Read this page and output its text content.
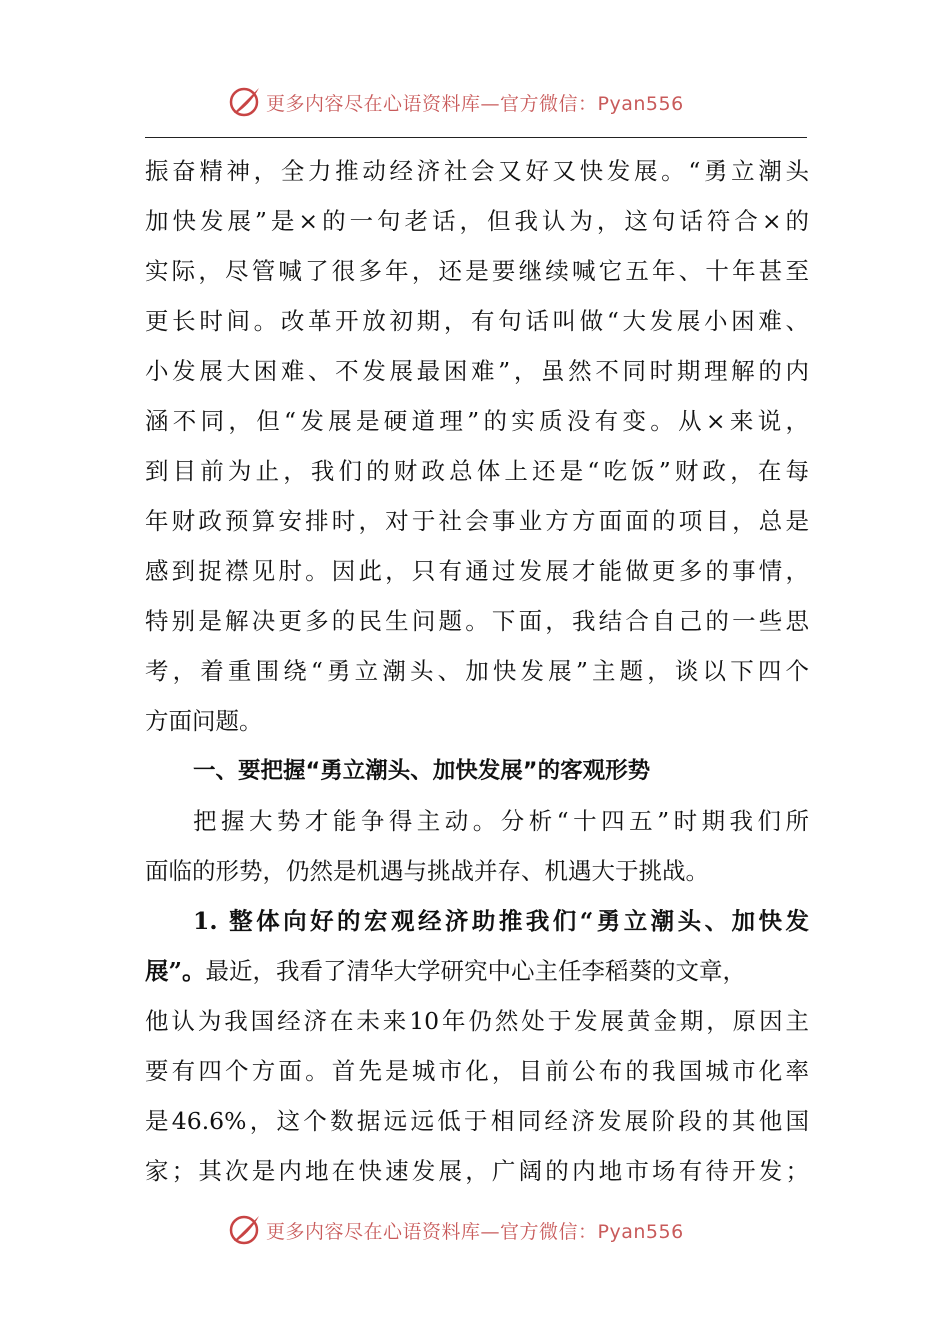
更多内容尽在心语资料库—官方微信：Pyan556
振奋精神，全力推动经济社会又好又快发展。“勇立潮头
加快发展”是×的一句老话，但我认为，这句话符合×的
实际，尽管喊了很多年，还是要继续喊它五年、十年甚至
更长时间。改革开放初期，有句话叫做“大发展小困难、
小发展大困难、不发展最困难”，虽然不同时期理解的内
涵不同，但“发展是硬道理”的实质没有变。从×来说，
到目前为止，我们的财政总体上还是“吃饭”财政，在每
年财政预算安排时，对于社会事业方方面面的项目，总是
感到捉襟见肘。因此，只有通过发展才能做更多的事情，
特别是解决更多的民生问题。下面，我结合自己的一些思
考，着重围绕“勇立潮头、加快发展”主题，谈以下四个
方面问题。
一、要把握“勇立潮头、加快发展”的客观形势
把握大势才能争得主动。分析“十四五”时期我们所
面临的形势，仍然是机遇与挑战并存、机遇大于挑战。
1. 整体向好的宏观经济助推我们“勇立潮头、加快发
展”。最近，我看了清华大学研究中心主任李稻葵的文章，
他认为我国经济在未来10年仍然处于发展黄金期，原因主
要有四个方面。首先是城市化，目前公布的我国城市化率
是46.6%，这个数据远远低于相同经济发展阶段的其他国
家；其次是内地在快速发展，广阔的内地市场有待开发；
更多内容尽在心语资料库—官方微信：Pyan556
